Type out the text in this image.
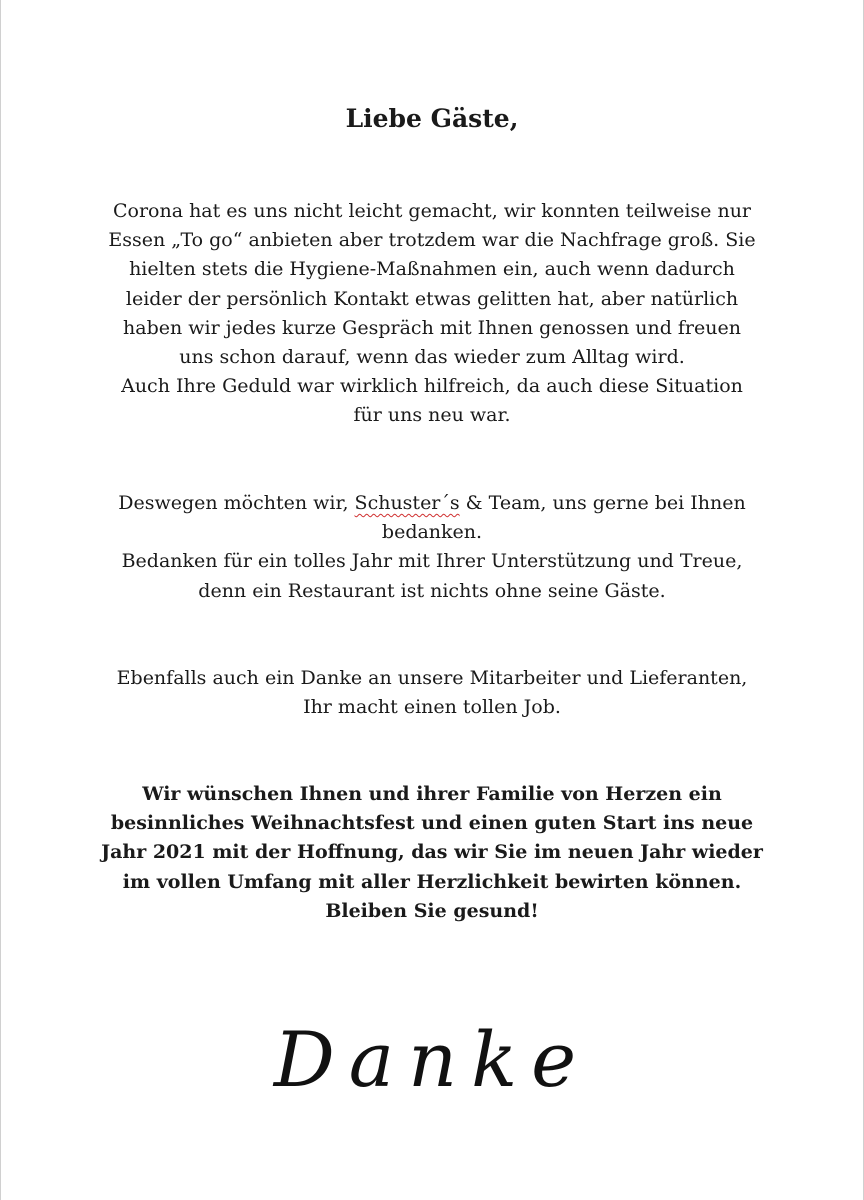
Liebe Gäste,
Corona hat es uns nicht leicht gemacht, wir konnten teilweise nur
Essen „To go“ anbieten aber trotzdem war die Nachfrage groß. Sie
hielten stets die Hygiene-Maßnahmen ein, auch wenn dadurch
leider der persönlich Kontakt etwas gelitten hat, aber natürlich
haben wir jedes kurze Gespräch mit Ihnen genossen und freuen
uns schon darauf, wenn das wieder zum Alltag wird.
Auch Ihre Geduld war wirklich hilfreich, da auch diese Situation
für uns neu war.
Deswegen möchten wir, Schuster´s & Team, uns gerne bei Ihnen
bedanken.
Bedanken für ein tolles Jahr mit Ihrer Unterstützung und Treue,
denn ein Restaurant ist nichts ohne seine Gäste.
Ebenfalls auch ein Danke an unsere Mitarbeiter und Lieferanten,
Ihr macht einen tollen Job.
Wir wünschen Ihnen und ihrer Familie von Herzen ein
besinnliches Weihnachtsfest und einen guten Start ins neue
Jahr 2021 mit der Hoffnung, das wir Sie im neuen Jahr wieder
im vollen Umfang mit aller Herzlichkeit bewirten können.
Bleiben Sie gesund!
Danke
